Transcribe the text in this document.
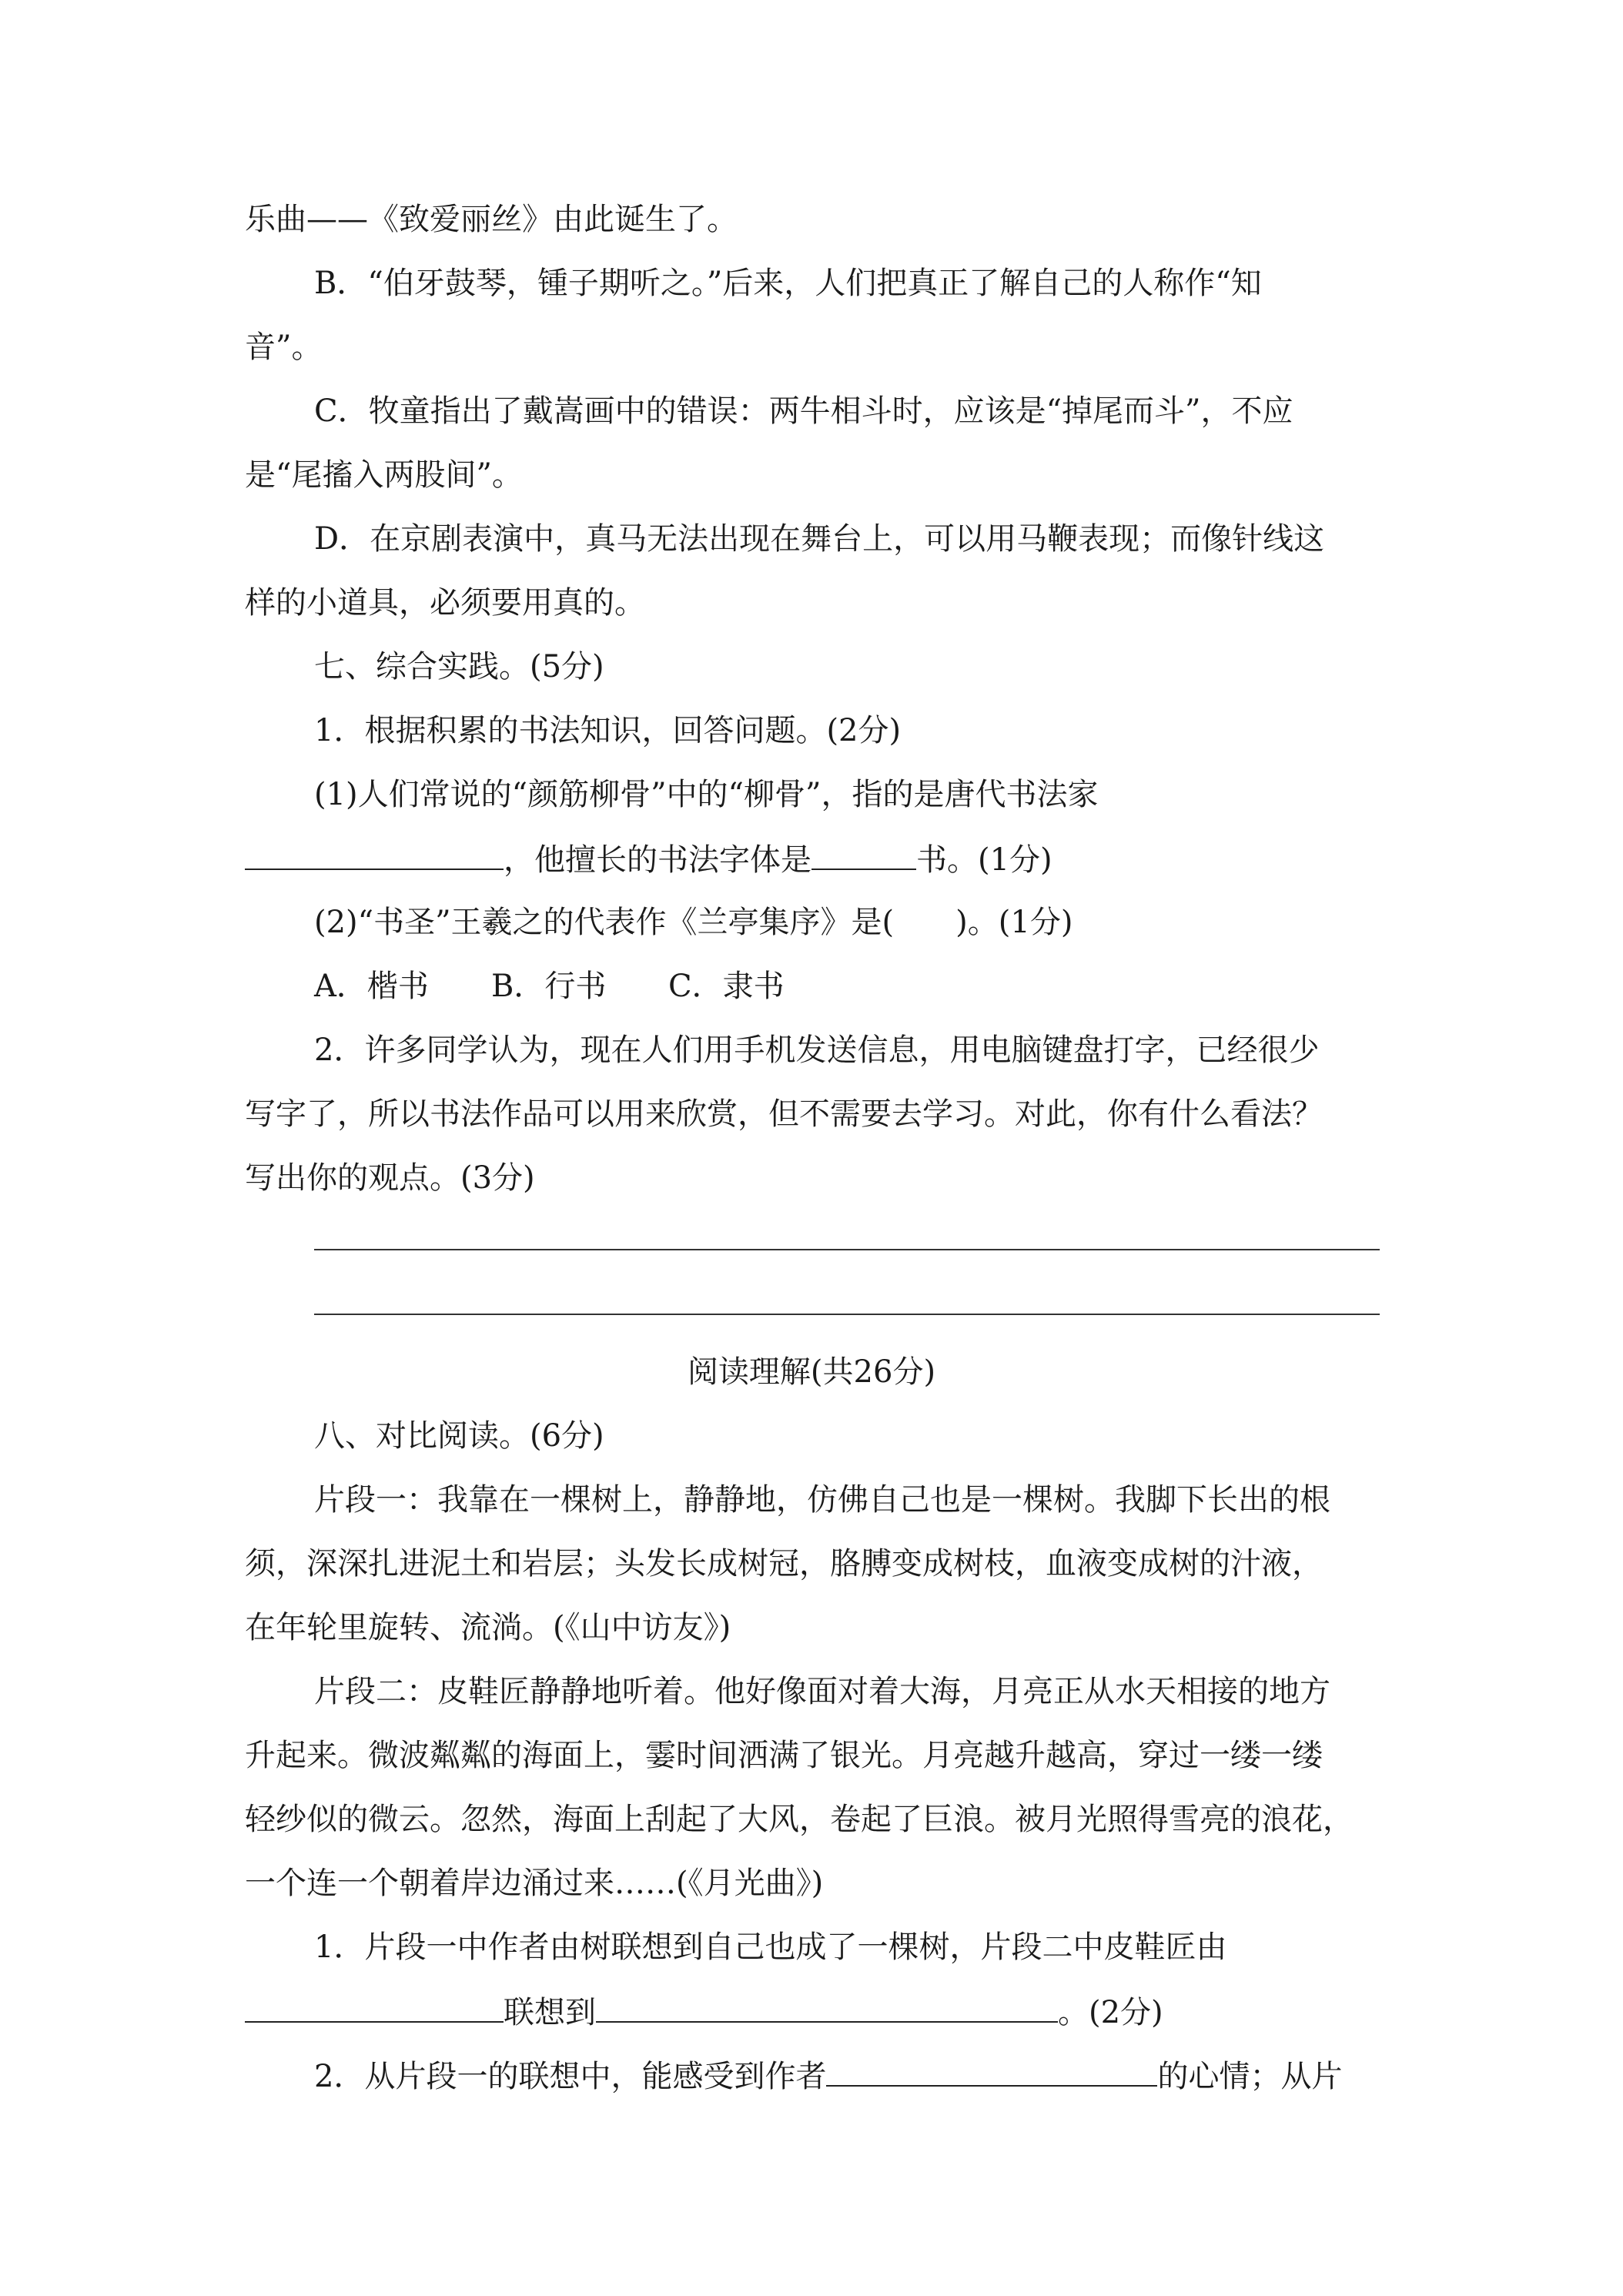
乐曲——《致爱丽丝》由此诞生了。
B．“伯牙鼓琴，锺子期听之。”后来，人们把真正了解自己的人称作“知
音”。
C．牧童指出了戴嵩画中的错误：两牛相斗时，应该是“掉尾而斗”，不应
是“尾搐入两股间”。
D．在京剧表演中，真马无法出现在舞台上，可以用马鞭表现；而像针线这
样的小道具，必须要用真的。
七、综合实践。(5分)
1．根据积累的书法知识，回答问题。(2分)
(1)人们常说的“颜筋柳骨”中的“柳骨”，指的是唐代书法家
，他擅长的书法字体是	书。(1分)
(2)“书圣”王羲之的代表作《兰亭集序》是(　　)。(1分)
A．楷书 B．行书 C．隶书
2．许多同学认为，现在人们用手机发送信息，用电脑键盘打字，已经很少
写字了，所以书法作品可以用来欣赏，但不需要去学习。对此，你有什么看法？
写出你的观点。(3分)
阅读理解(共26分)
八、对比阅读。(6分)
片段一：我靠在一棵树上，静静地，仿佛自己也是一棵树。我脚下长出的根
须，深深扎进泥土和岩层；头发长成树冠，胳膊变成树枝，血液变成树的汁液，
在年轮里旋转、流淌。(《山中访友》)
片段二：皮鞋匠静静地听着。他好像面对着大海，月亮正从水天相接的地方
升起来。微波粼粼的海面上，霎时间洒满了银光。月亮越升越高，穿过一缕一缕
轻纱似的微云。忽然，海面上刮起了大风，卷起了巨浪。被月光照得雪亮的浪花，
一个连一个朝着岸边涌过来……(《月光曲》)
1．片段一中作者由树联想到自己也成了一棵树，片段二中皮鞋匠由
联想到	。(2分)
2．从片段一的联想中，能感受到作者	的心情；从片
